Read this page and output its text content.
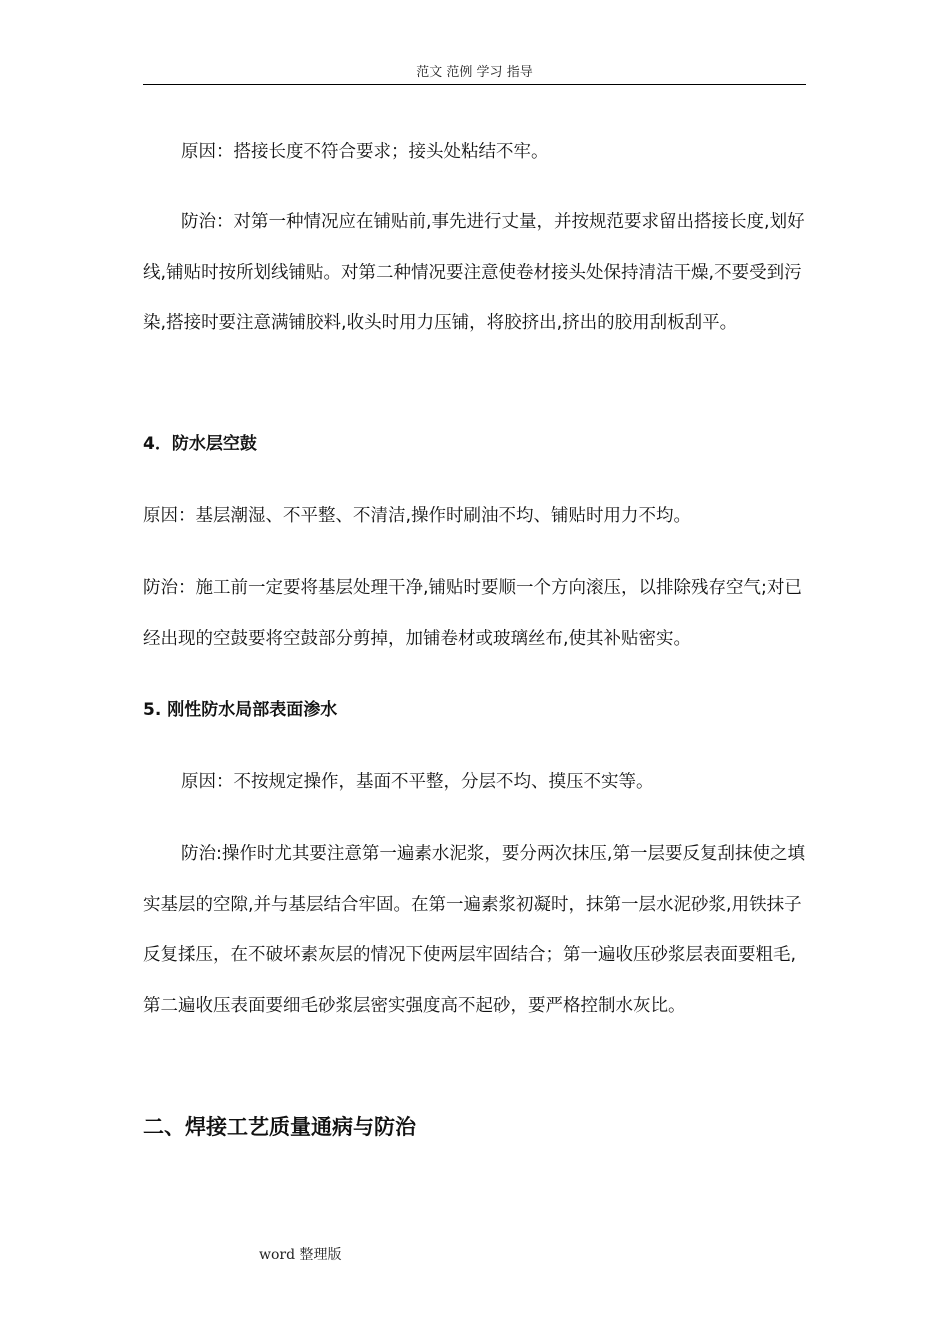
范文 范例 学习 指导

原因：搭接长度不符合要求；接头处粘结不牢。

防治：对第一种情况应在铺贴前,事先进行丈量，并按规范要求留出搭接长度,划好线,铺贴时按所划线铺贴。对第二种情况要注意使卷材接头处保持清洁干燥,不要受到污染,搭接时要注意满铺胶料,收头时用力压铺，将胶挤出,挤出的胶用刮板刮平。

4．防水层空鼓

原因：基层潮湿、不平整、不清洁,操作时刷油不均、铺贴时用力不均。

防治：施工前一定要将基层处理干净,铺贴时要顺一个方向滚压，以排除残存空气;对已经出现的空鼓要将空鼓部分剪掉，加铺卷材或玻璃丝布,使其补贴密实。

5. 刚性防水局部表面渗水

原因：不按规定操作，基面不平整，分层不均、摸压不实等。

防治:操作时尤其要注意第一遍素水泥浆，要分两次抹压,第一层要反复刮抹使之填实基层的空隙,并与基层结合牢固。在第一遍素浆初凝时，抹第一层水泥砂浆,用铁抹子反复揉压，在不破坏素灰层的情况下使两层牢固结合；第一遍收压砂浆层表面要粗毛,第二遍收压表面要细毛砂浆层密实强度高不起砂，要严格控制水灰比。

二、焊接工艺质量通病与防治

word 整理版
